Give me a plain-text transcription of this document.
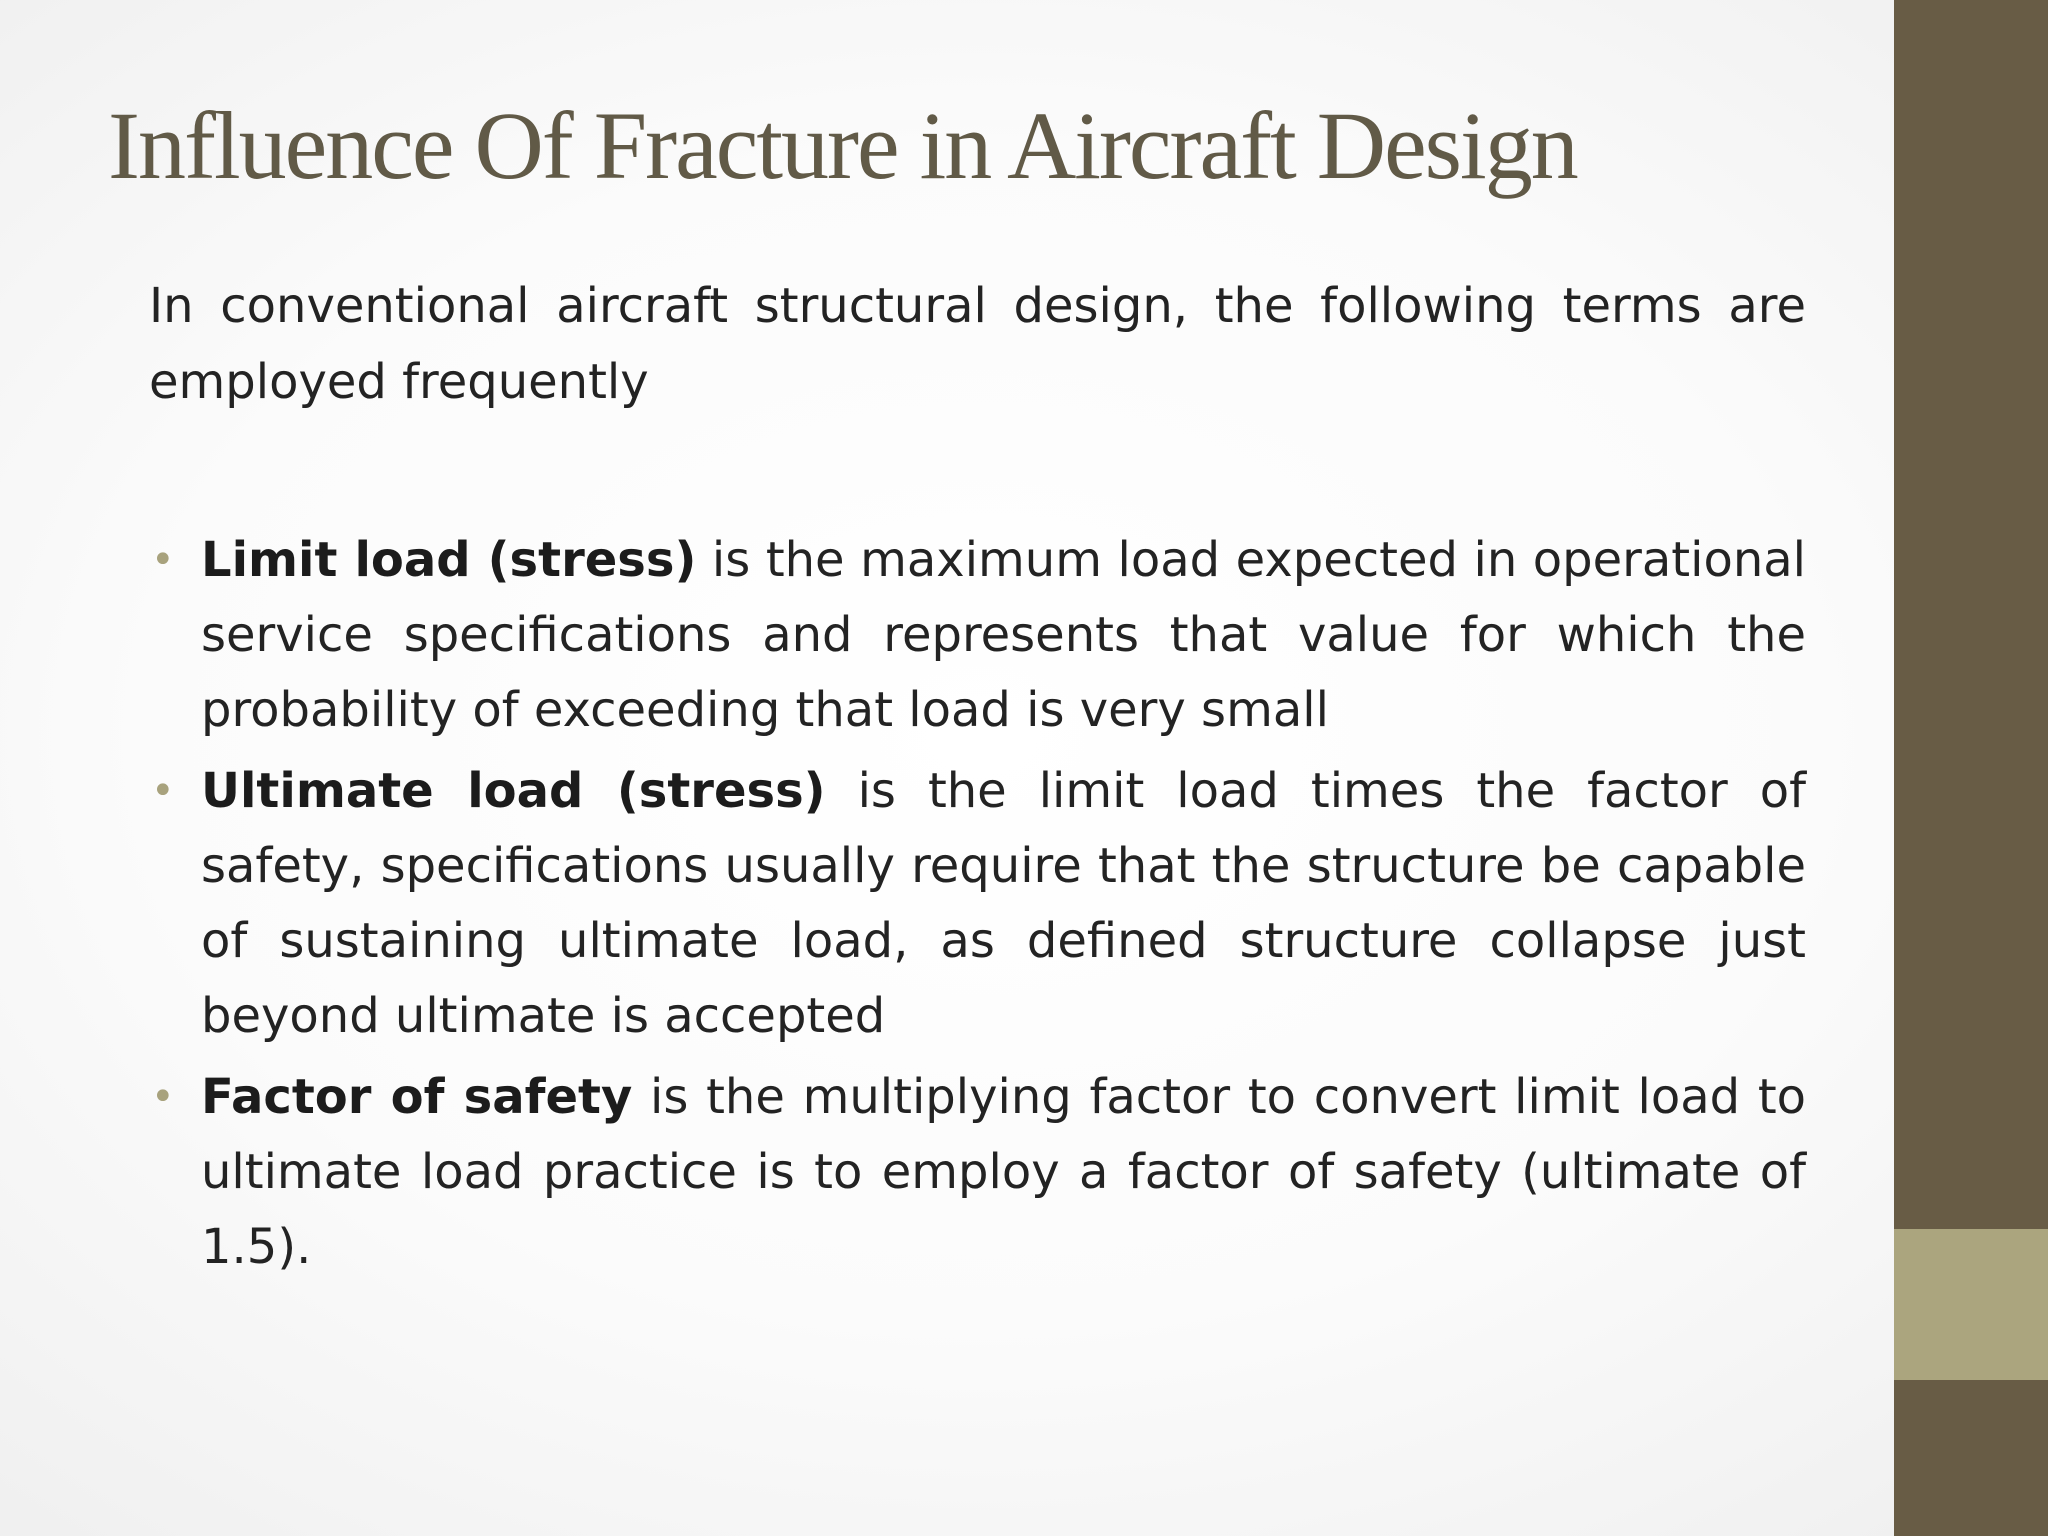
Influence Of Fracture in Aircraft Design

In conventional aircraft structural design, the following terms are employed frequently

• Limit load (stress) is the maximum load expected in operational service specifications and represents that value for which the probability of exceeding that load is very small
• Ultimate load (stress) is the limit load times the factor of safety, specifications usually require that the structure be capable of sustaining ultimate load, as defined structure collapse just beyond ultimate is accepted
• Factor of safety is the multiplying factor to convert limit load to ultimate load practice is to employ a factor of safety (ultimate of 1.5).
